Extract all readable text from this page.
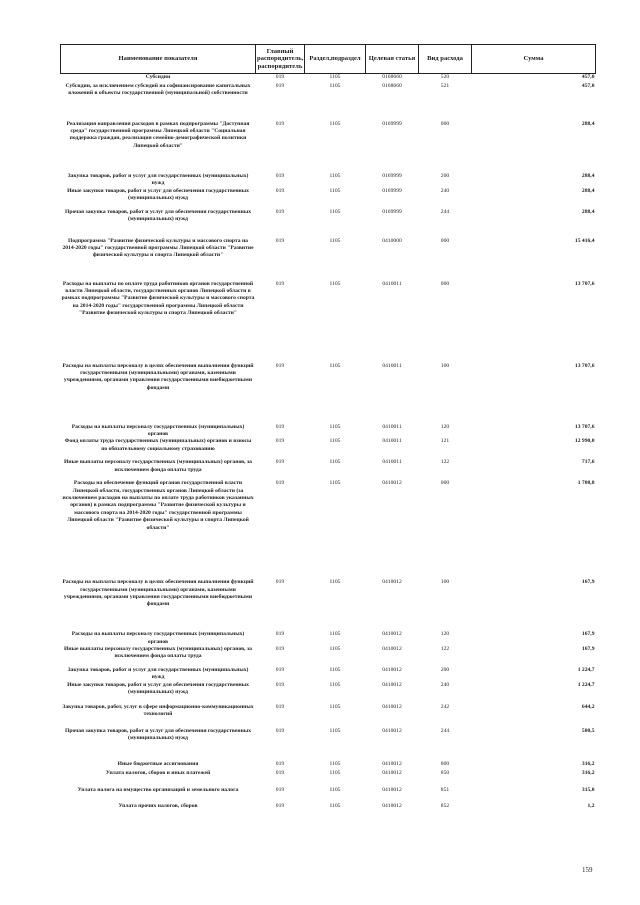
Наименование показателя	Главный распорядитель, распорядитель	Раздел,подраздел	Целевая статья	Вид расхода	Сумма
Субсидии	019	1105	0168660	520	457,0
Субсидии, за исключением субсидий на софинансирование капитальных вложений в объекты государственной (муниципальной) собственности	019	1105	0168660	521	457,0
Реализация направления расходов в рамках подпрограммы "Доступная среда" государственной программы Липецкой области "Социальная поддержка граждан, реализация семейно-демографической политики Липецкой области"	019	1105	0169999	000	288,4
Закупка товаров, работ и услуг для государственных (муниципальных) нужд	019	1105	0169999	200	288,4
Иные закупки товаров, работ и услуг для обеспечения государственных (муниципальных) нужд	019	1105	0169999	240	288,4
Прочая закупка товаров, работ и услуг для обеспечения государственных (муниципальных) нужд	019	1105	0169999	244	288,4
Подпрограмма "Развитие физической культуры и массового спорта на 2014-2020 годы" государственной программы Липецкой области "Развитие физической культуры и спорта Липецкой области"	019	1105	0410000	000	15 416,4
Расходы на выплаты по оплате труда работников органов государственной власти Липецкой области, государственных органов Липецкой области в рамках подпрограммы "Развитие физической культуры и массового спорта на 2014-2020 годы" государственной программы Липецкой области "Развитие физической культуры и спорта Липецкой области"	019	1105	0410011	000	13 707,6
Расходы на выплаты персоналу в целях обеспечения выполнения функций государственными (муниципальными) органами, казенными учреждениями, органами управления государственными внебюджетными фондами	019	1105	0410011	100	13 707,6
Расходы на выплаты персоналу государственных (муниципальных) органов	019	1105	0410011	120	13 707,6
Фонд оплаты труда государственных (муниципальных) органов и взносы по обязательному социальному страхованию	019	1105	0410011	121	12 990,0
Иные выплаты персоналу государственных (муниципальных) органов, за исключением фонда оплаты труда	019	1105	0410011	122	717,6
Расходы на обеспечение функций органов государственной власти Липецкой области, государственных органов Липецкой области (за исключением расходов на выплаты по оплате труда работников указанных органов) в рамках подпрограммы "Развитие физической культуры и массового спорта на 2014-2020 годы" государственной программы Липецкой области "Развитие физической культуры и спорта Липецкой области"	019	1105	0410012	000	1 708,8
Расходы на выплаты персоналу в целях обеспечения выполнения функций государственными (муниципальными) органами, казенными учреждениями, органами управления государственными внебюджетными фондами	019	1105	0410012	100	167,9
Расходы на выплаты персоналу государственных (муниципальных) органов	019	1105	0410012	120	167,9
Иные выплаты персоналу государственных (муниципальных) органов, за исключением фонда оплаты труда	019	1105	0410012	122	167,9
Закупка товаров, работ и услуг для государственных (муниципальных) нужд	019	1105	0410012	200	1 224,7
Иные закупки товаров, работ и услуг для обеспечения государственных (муниципальных) нужд	019	1105	0410012	240	1 224,7
Закупка товаров, работ, услуг в сфере информационно-коммуникационных технологий	019	1105	0410012	242	644,2
Прочая закупка товаров, работ и услуг для обеспечения государственных (муниципальных) нужд	019	1105	0410012	244	580,5
Иные бюджетные ассигнования	019	1105	0410012	800	316,2
Уплата налогов, сборов и иных платежей	019	1105	0410012	850	316,2
Уплата налога на имущество организаций и земельного налога	019	1105	0410012	851	315,0
Уплата прочих налогов, сборов	019	1105	0410012	852	1,2
159
